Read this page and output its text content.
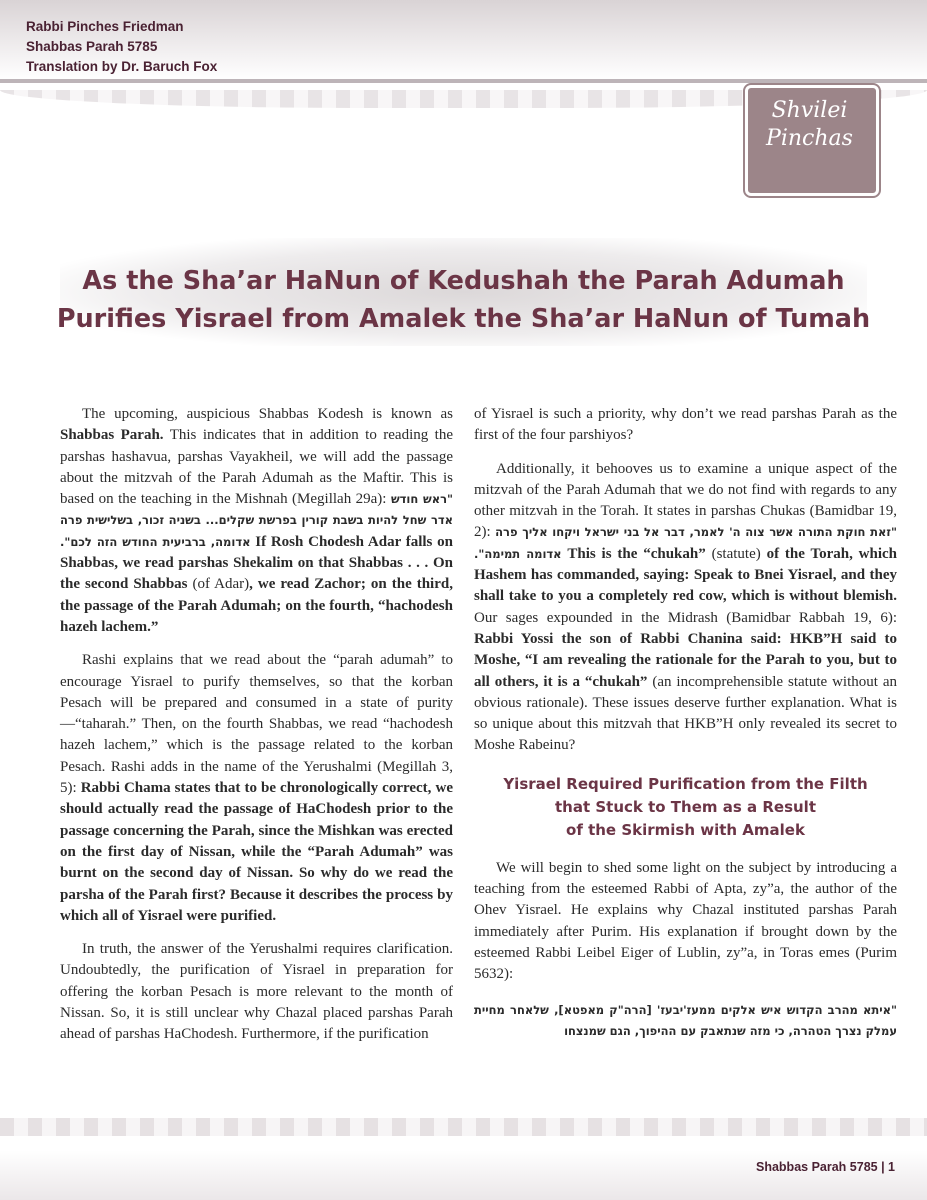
Rabbi Pinches Friedman
Shabbas Parah 5785
Translation by Dr. Baruch Fox
Shvilei
Pinchas
As the Sha’ar HaNun of Kedushah the Parah Adumah
Purifies Yisrael from Amalek the Sha’ar HaNun of Tumah

The upcoming, auspicious Shabbas Kodesh is known as Shabbas Parah. This indicates that in addition to reading the parshas hashavua, parshas Vayakheil, we will add the passage about the mitzvah of the Parah Adumah as the Maftir. This is based on the teaching in the Mishnah (Megillah 29a): "ראש חודש אדר שחל להיות בשבת קורין בפרשת שקלים... בשניה זכור, בשלישית פרה אדומה, ברביעית החודש הזה לכם". If Rosh Chodesh Adar falls on Shabbas, we read parshas Shekalim on that Shabbas . . . On the second Shabbas (of Adar), we read Zachor; on the third, the passage of the Parah Adumah; on the fourth, “hachodesh hazeh lachem.”

Rashi explains that we read about the “parah adumah” to encourage Yisrael to purify themselves, so that the korban Pesach will be prepared and consumed in a state of purity—“taharah.” Then, on the fourth Shabbas, we read “hachodesh hazeh lachem,” which is the passage related to the korban Pesach. Rashi adds in the name of the Yerushalmi (Megillah 3, 5): Rabbi Chama states that to be chronologically correct, we should actually read the passage of HaChodesh prior to the passage concerning the Parah, since the Mishkan was erected on the first day of Nissan, while the “Parah Adumah” was burnt on the second day of Nissan. So why do we read the parsha of the Parah first? Because it describes the process by which all of Yisrael were purified.

In truth, the answer of the Yerushalmi requires clarification. Undoubtedly, the purification of Yisrael in preparation for offering the korban Pesach is more relevant to the month of Nissan. So, it is still unclear why Chazal placed parshas Parah ahead of parshas HaChodesh. Furthermore, if the purification

of Yisrael is such a priority, why don’t we read parshas Parah as the first of the four parshiyos?

Additionally, it behooves us to examine a unique aspect of the mitzvah of the Parah Adumah that we do not find with regards to any other mitzvah in the Torah. It states in parshas Chukas (Bamidbar 19, 2): "זאת חוקת התורה אשר צוה ה' לאמר, דבר אל בני ישראל ויקחו אליך פרה אדומה תמימה". This is the “chukah” (statute) of the Torah, which Hashem has commanded, saying: Speak to Bnei Yisrael, and they shall take to you a completely red cow, which is without blemish. Our sages expounded in the Midrash (Bamidbar Rabbah 19, 6): Rabbi Yossi the son of Rabbi Chanina said: HKB”H said to Moshe, “I am revealing the rationale for the Parah to you, but to all others, it is a “chukah” (an incomprehensible statute without an obvious rationale). These issues deserve further explanation. What is so unique about this mitzvah that HKB”H only revealed its secret to Moshe Rabeinu?

Yisrael Required Purification from the Filth
that Stuck to Them as a Result
of the Skirmish with Amalek

We will begin to shed some light on the subject by introducing a teaching from the esteemed Rabbi of Apta, zy”a, the author of the Ohev Yisrael. He explains why Chazal instituted parshas Parah immediately after Purim. His explanation if brought down by the esteemed Rabbi Leibel Eiger of Lublin, zy”a, in Toras emes (Purim 5632):

"איתא מהרב הקדוש איש אלקים ממעז'יבעז' [הרה"ק מאפטא], שלאחר מחיית עמלק נצרך הטהרה, כי מזה שנתאבק עם ההיפוך, הגם שמנצחו
Shabbas Parah 5785 | 1
